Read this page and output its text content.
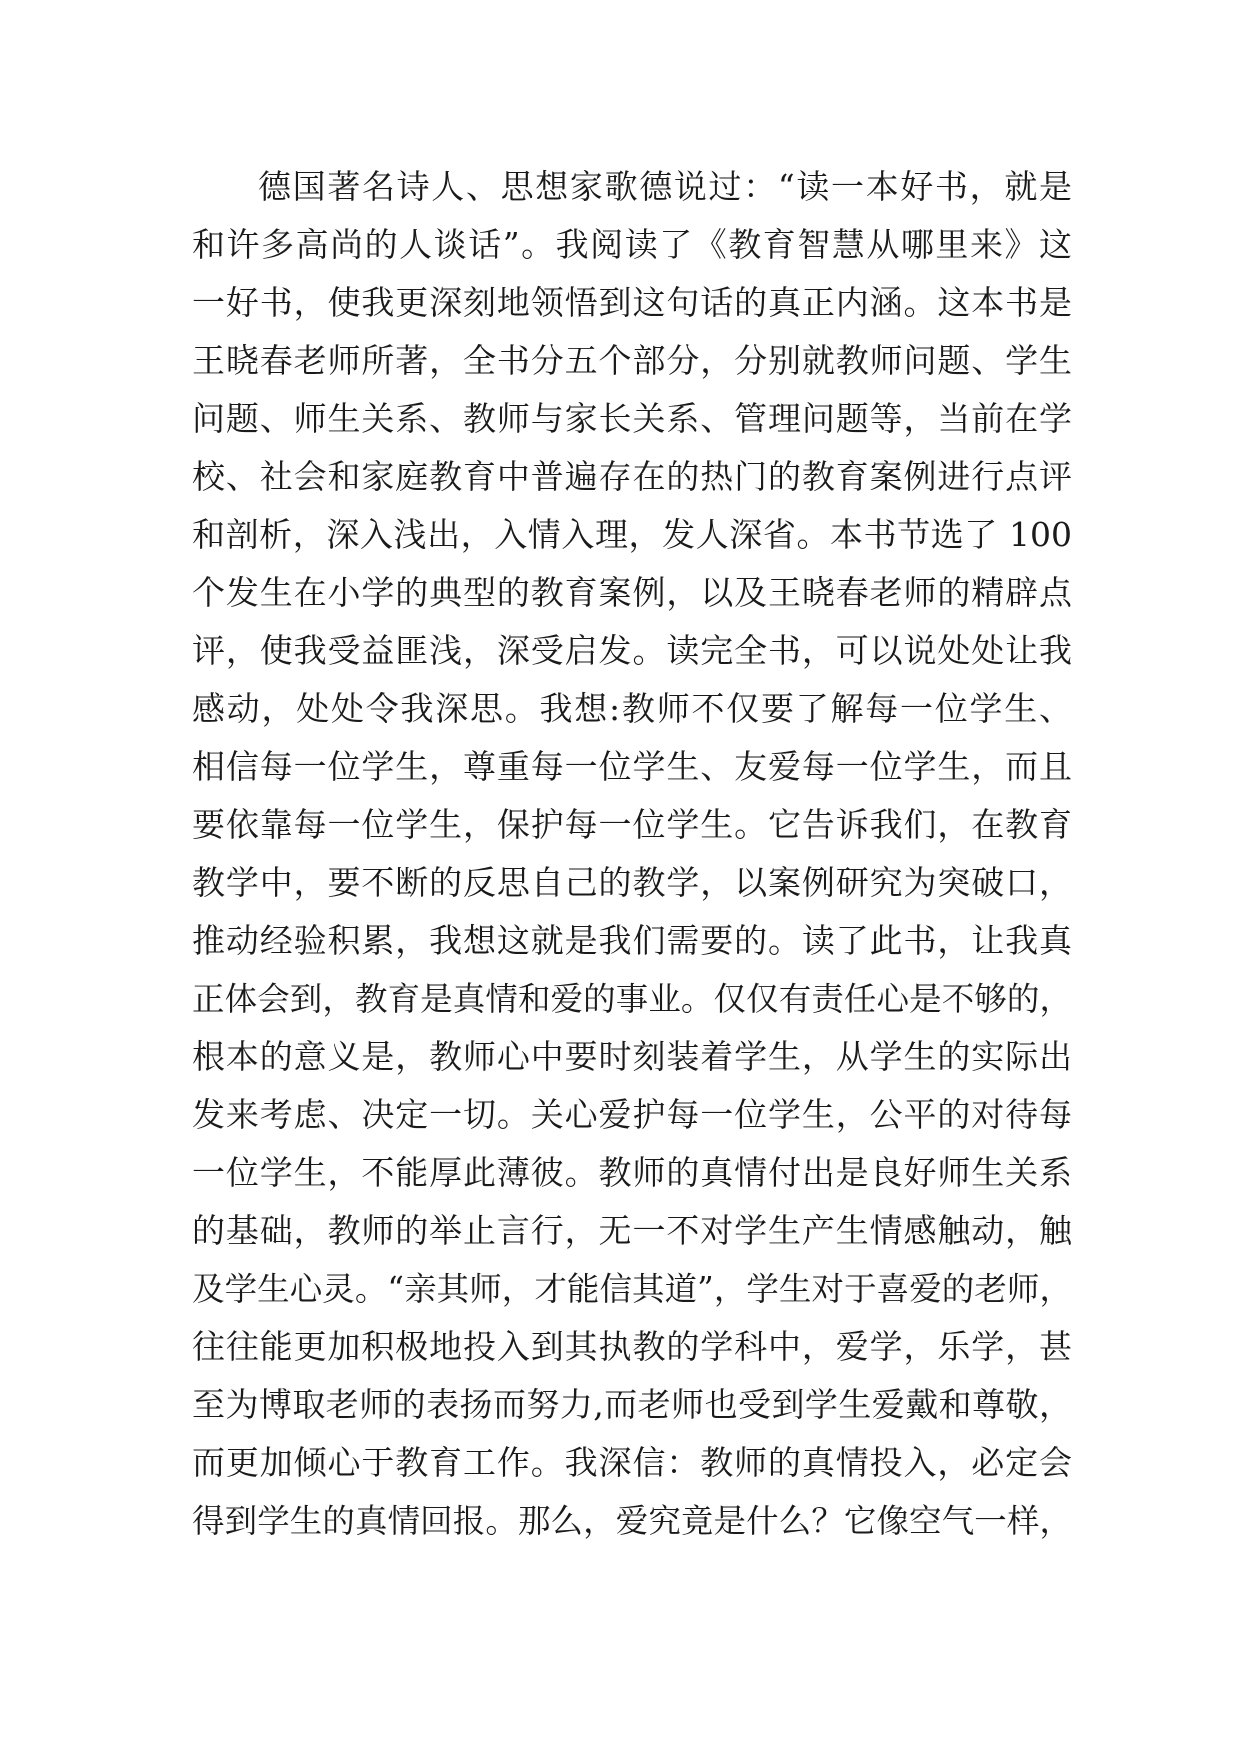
德国著名诗人、思想家歌德说过：“读一本好书，就是
和许多高尚的人谈话”。我阅读了《教育智慧从哪里来》这
一好书，使我更深刻地领悟到这句话的真正内涵。这本书是
王晓春老师所著，全书分五个部分，分别就教师问题、学生
问题、师生关系、教师与家长关系、管理问题等，当前在学
校、社会和家庭教育中普遍存在的热门的教育案例进行点评
和剖析，深入浅出，入情入理，发人深省。本书节选了 100
个发生在小学的典型的教育案例，以及王晓春老师的精辟点
评，使我受益匪浅，深受启发。读完全书，可以说处处让我
感动，处处令我深思。我想:教师不仅要了解每一位学生、
相信每一位学生，尊重每一位学生、友爱每一位学生，而且
要依靠每一位学生，保护每一位学生。它告诉我们，在教育
教学中，要不断的反思自己的教学，以案例研究为突破口，
推动经验积累，我想这就是我们需要的。读了此书，让我真
正体会到，教育是真情和爱的事业。仅仅有责任心是不够的，
根本的意义是，教师心中要时刻装着学生，从学生的实际出
发来考虑、决定一切。关心爱护每一位学生，公平的对待每
一位学生，不能厚此薄彼。教师的真情付出是良好师生关系
的基础，教师的举止言行，无一不对学生产生情感触动，触
及学生心灵。“亲其师，才能信其道”，学生对于喜爱的老师，
往往能更加积极地投入到其执教的学科中，爱学，乐学，甚
至为博取老师的表扬而努力,而老师也受到学生爱戴和尊敬，
而更加倾心于教育工作。我深信：教师的真情投入，必定会
得到学生的真情回报。那么，爱究竟是什么？它像空气一样，
